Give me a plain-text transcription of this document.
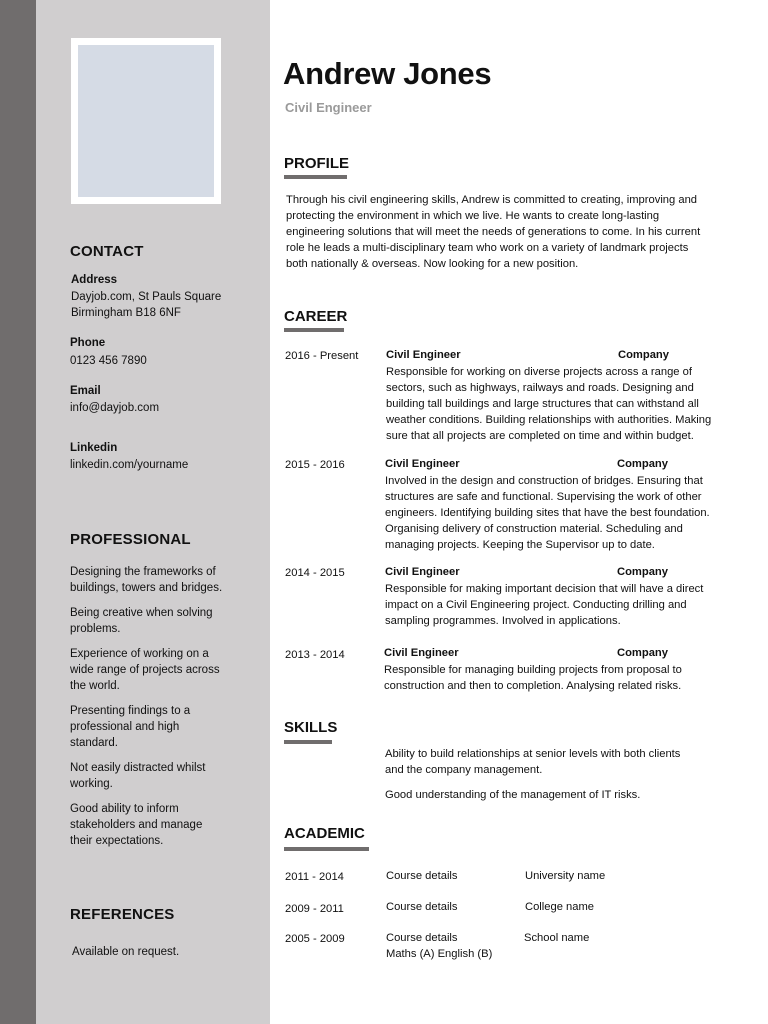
CONTACT
Address
Dayjob.com, St Pauls Square
Birmingham B18 6NF
Phone
0123 456 7890
Email
info@dayjob.com
Linkedin
linkedin.com/yourname
PROFESSIONAL
Designing the frameworks of buildings, towers and bridges.
Being creative when solving problems.
Experience of working on a wide range of projects across the world.
Presenting findings to a professional and high standard.
Not easily distracted whilst working.
Good ability to inform stakeholders and manage their expectations.
REFERENCES
Available on request.
Andrew Jones
Civil Engineer
PROFILE
Through his civil engineering skills, Andrew is committed to creating, improving and protecting the environment in which we live. He wants to create long-lasting engineering solutions that will meet the needs of generations to come. In his current role he leads a multi-disciplinary team who work on a variety of landmark projects both nationally & overseas. Now looking for a new position.
CAREER
2016 - Present Civil Engineer	Company
Responsible for working on diverse projects across a range of sectors, such as highways, railways and roads. Designing and building tall buildings and large structures that can withstand all weather conditions. Building relationships with authorities. Making sure that all projects are completed on time and within budget.
2015 - 2016	Civil Engineer	Company
Involved in the design and construction of bridges. Ensuring that structures are safe and functional. Supervising the work of other engineers. Identifying building sites that have the best foundation. Organising delivery of construction material. Scheduling and managing projects. Keeping the Supervisor up to date.
2014 - 2015	Civil Engineer	Company
Responsible for making important decision that will have a direct impact on a Civil Engineering project. Conducting drilling and sampling programmes. Involved in applications.
2013 - 2014	Civil Engineer	Company
Responsible for managing building projects from proposal to construction and then to completion. Analysing related risks.
SKILLS
Ability to build relationships at senior levels with both clients and the company management.
Good understanding of the management of IT risks.
ACADEMIC
2011 - 2014	Course details	University name
2009 - 2011	Course details	College name
2005 - 2009	Course details	School name
Maths (A) English (B)
